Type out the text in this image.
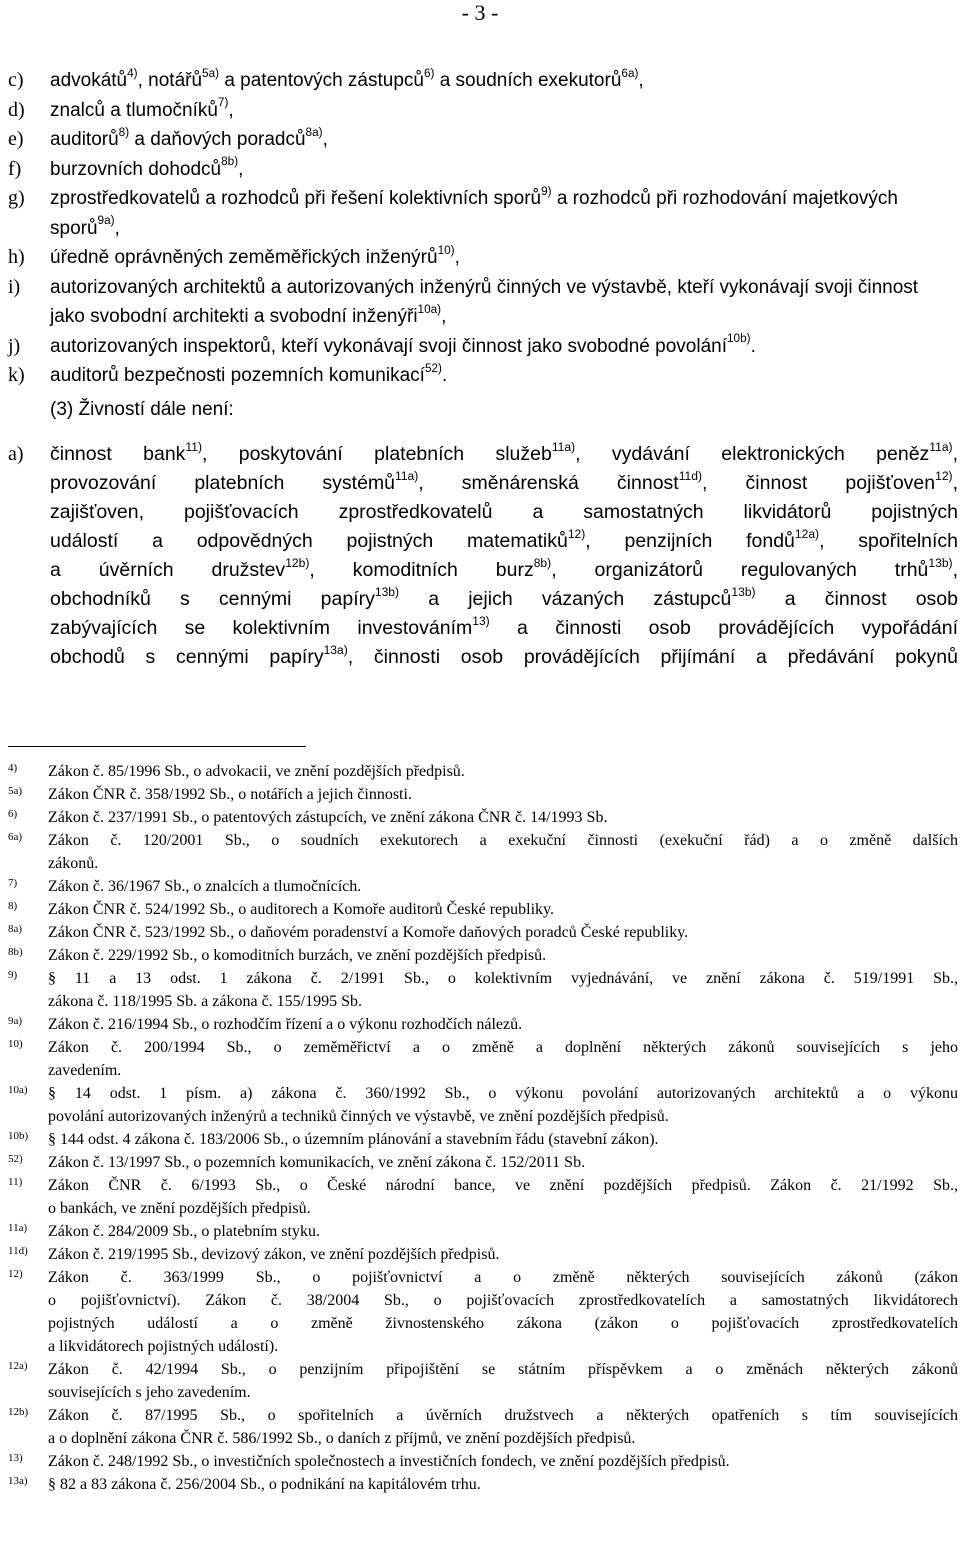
- 3 -
c) advokátů$^{4)}$, notářů$^{5a)}$ a patentových zástupců$^{6)}$ a soudních exekutorů$^{6a)}$,
d) znalců a tlumočníků$^{7)}$,
e) auditorů$^{8)}$ a daňových poradců$^{8a)}$,
f) burzovních dohodců$^{8b)}$,
g) zprostředkovatelů a rozhodců při řešení kolektivních sporů$^{9)}$ a rozhodců při rozhodování majetkových sporů$^{9a)}$,
h) úředně oprávněných zeměměřických inženýrů$^{10)}$,
i) autorizovaných architektů a autorizovaných inženýrů činných ve výstavbě, kteří vykonávají svoji činnost jako svobodní architekti a svobodní inženýři$^{10a)}$,
j) autorizovaných inspektorů, kteří vykonávají svoji činnost jako svobodné povolání$^{10b)}$.
k) auditorů bezpečnosti pozemních komunikací$^{52)}$.
(3) Živností dále není:
a) činnost bank$^{11)}$, poskytování platebních služeb$^{11a)}$, vydávání elektronických peněz$^{11a)}$,
provozování platebních systémů$^{11a)}$, směnárenská činnost$^{11d)}$, činnost pojišťoven$^{12)}$,
zajišťoven, pojišťovacích zprostředkovatelů a samostatných likvidátorů pojistných
událostí a odpovědných pojistných matematiků$^{12)}$, penzijních fondů$^{12a)}$, spořitelních
a úvěrních družstev$^{12b)}$, komoditních burz$^{8b)}$, organizátorů regulovaných trhů$^{13b)}$,
obchodníků s cennými papíry$^{13b)}$ a jejich vázaných zástupců$^{13b)}$ a činnost osob
zabývajících se kolektivním investováním$^{13)}$ a činnosti osob provádějících vypořádání
obchodů s cennými papíry$^{13a)}$, činnosti osob provádějících přijímání a předávání pokynů
4) Zákon č. 85/1996 Sb., o advokacii, ve znění pozdějších předpisů.
5a) Zákon ČNR č. 358/1992 Sb., o notářích a jejich činnosti.
6) Zákon č. 237/1991 Sb., o patentových zástupcích, ve znění zákona ČNR č. 14/1993 Sb.
6a) Zákon č. 120/2001 Sb., o soudních exekutorech a exekuční činnosti (exekuční řád) a o změně dalších
zákonů.
7) Zákon č. 36/1967 Sb., o znalcích a tlumočnících.
8) Zákon ČNR č. 524/1992 Sb., o auditorech a Komoře auditorů České republiky.
8a) Zákon ČNR č. 523/1992 Sb., o daňovém poradenství a Komoře daňových poradců České republiky.
8b) Zákon č. 229/1992 Sb., o komoditních burzách, ve znění pozdějších předpisů.
9) § 11 a 13 odst. 1 zákona č. 2/1991 Sb., o kolektivním vyjednávání, ve znění zákona č. 519/1991 Sb.,
zákona č. 118/1995 Sb. a zákona č. 155/1995 Sb.
9a) Zákon č. 216/1994 Sb., o rozhodčím řízení a o výkonu rozhodčích nálezů.
10) Zákon č. 200/1994 Sb., o zeměměřictví a o změně a doplnění některých zákonů souvisejících s jeho
zavedením.
10a) § 14 odst. 1 písm. a) zákona č. 360/1992 Sb., o výkonu povolání autorizovaných architektů a o výkonu
povolání autorizovaných inženýrů a techniků činných ve výstavbě, ve znění pozdějších předpisů.
10b) § 144 odst. 4 zákona č. 183/2006 Sb., o územním plánování a stavebním řádu (stavební zákon).
52) Zákon č. 13/1997 Sb., o pozemních komunikacích, ve znění zákona č. 152/2011 Sb.
11) Zákon ČNR č. 6/1993 Sb., o České národní bance, ve znění pozdějších předpisů. Zákon č. 21/1992 Sb.,
o bankách, ve znění pozdějších předpisů.
11a) Zákon č. 284/2009 Sb., o platebním styku.
11d) Zákon č. 219/1995 Sb., devizový zákon, ve znění pozdějších předpisů.
12) Zákon č. 363/1999 Sb., o pojišťovnictví a o změně některých souvisejících zákonů (zákon
o pojišťovnictví). Zákon č. 38/2004 Sb., o pojišťovacích zprostředkovatelích a samostatných likvidátorech
pojistných událostí a o změně živnostenského zákona (zákon o pojišťovacích zprostředkovatelích
a likvidátorech pojistných událostí).
12a) Zákon č. 42/1994 Sb., o penzijním připojištění se státním příspěvkem a o změnách některých zákonů
souvisejících s jeho zavedením.
12b) Zákon č. 87/1995 Sb., o spořitelních a úvěrních družstvech a některých opatřeních s tím souvisejících
a o doplnění zákona ČNR č. 586/1992 Sb., o daních z příjmů, ve znění pozdějších předpisů.
13) Zákon č. 248/1992 Sb., o investičních společnostech a investičních fondech, ve znění pozdějších předpisů.
13a) § 82 a 83 zákona č. 256/2004 Sb., o podnikání na kapitálovém trhu.
